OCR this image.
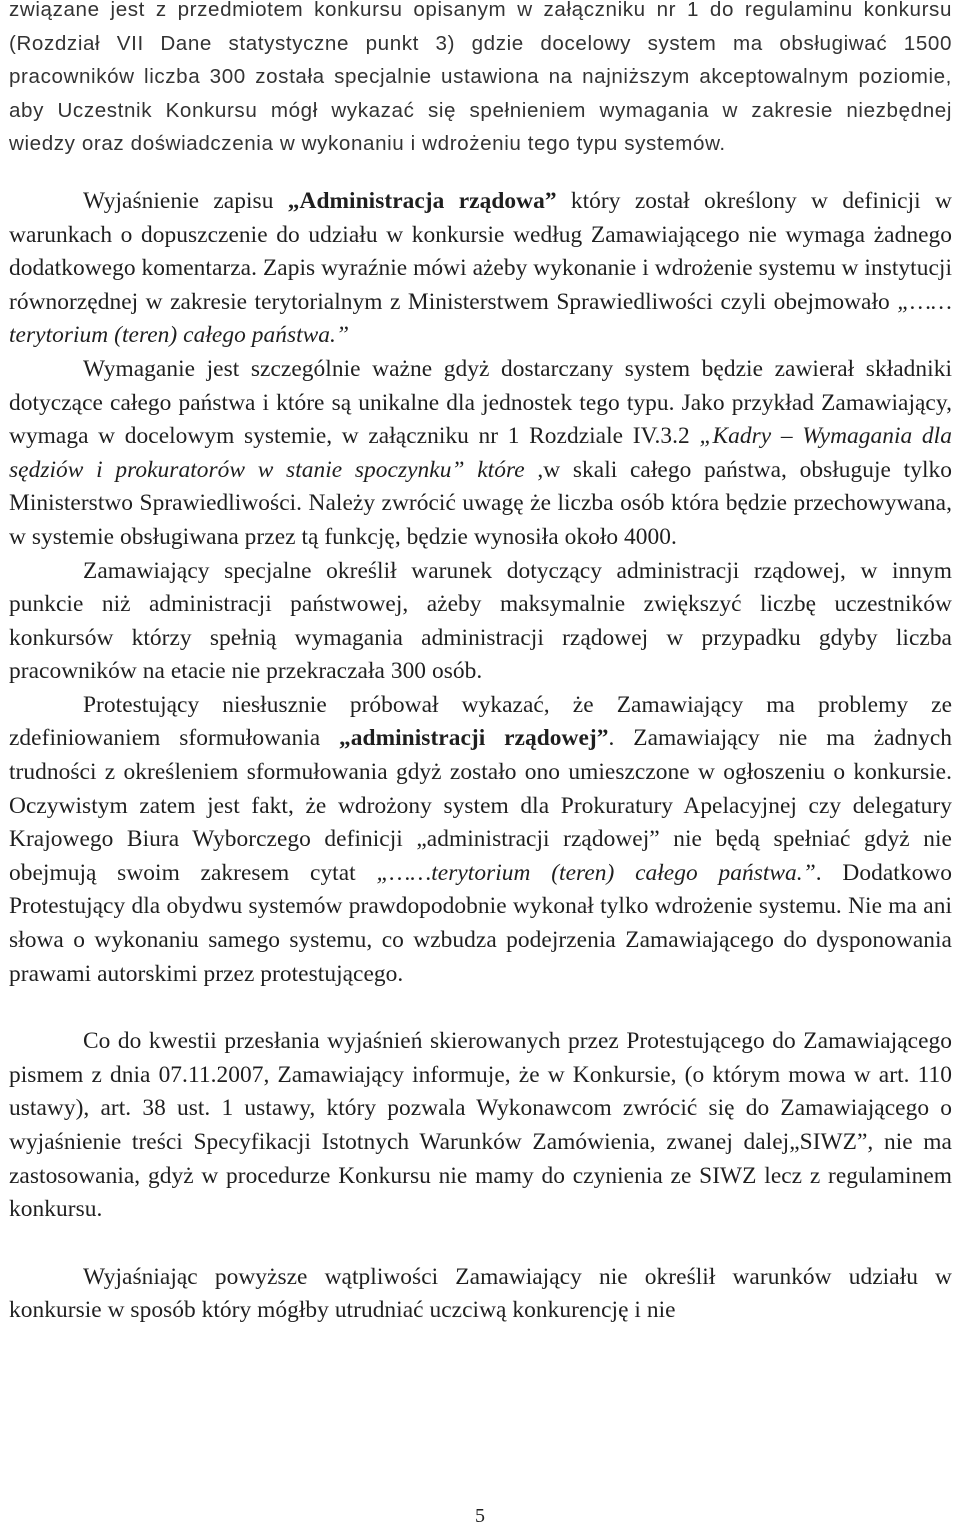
związane jest z przedmiotem konkursu opisanym w załączniku nr 1 do regulaminu konkursu (Rozdział VII Dane statystyczne punkt 3) gdzie docelowy system ma obsługiwać 1500 pracowników liczba 300 została specjalnie ustawiona na najniższym akceptowalnym poziomie, aby Uczestnik Konkursu mógł wykazać się spełnieniem wymagania w zakresie niezbędnej wiedzy oraz doświadczenia w wykonaniu i wdrożeniu tego typu systemów.

Wyjaśnienie zapisu „Administracja rządowa” który został określony w definicji w warunkach o dopuszczenie do udziału w konkursie według Zamawiającego nie wymaga żadnego dodatkowego komentarza. Zapis wyraźnie mówi ażeby wykonanie i wdrożenie systemu w instytucji równorzędnej w zakresie terytorialnym z Ministerstwem Sprawiedliwości czyli obejmowało „……terytorium (teren) całego państwa.”

Wymaganie jest szczególnie ważne gdyż dostarczany system będzie zawierał składniki dotyczące całego państwa i które są unikalne dla jednostek tego typu. Jako przykład Zamawiający, wymaga w docelowym systemie, w załączniku nr 1 Rozdziale IV.3.2 „Kadry – Wymagania dla sędziów i prokuratorów w stanie spoczynku” które ,w skali całego państwa, obsługuje tylko Ministerstwo Sprawiedliwości. Należy zwrócić uwagę że liczba osób która będzie przechowywana, w systemie obsługiwana przez tą funkcję, będzie wynosiła około 4000.

Zamawiający specjalne określił warunek dotyczący administracji rządowej, w innym punkcie niż administracji państwowej, ażeby maksymalnie zwiększyć liczbę uczestników konkursów którzy spełnią wymagania administracji rządowej w przypadku gdyby liczba pracowników na etacie nie przekraczała 300 osób.

Protestujący niesłusznie próbował wykazać, że Zamawiający ma problemy ze zdefiniowaniem sformułowania „administracji rządowej”. Zamawiający nie ma żadnych trudności z określeniem sformułowania gdyż zostało ono umieszczone w ogłoszeniu o konkursie. Oczywistym zatem jest fakt, że wdrożony system dla Prokuratury Apelacyjnej czy delegatury Krajowego Biura Wyborczego definicji „administracji rządowej” nie będą spełniać gdyż nie obejmują swoim zakresem cytat „……terytorium (teren) całego państwa.”. Dodatkowo Protestujący dla obydwu systemów prawdopodobnie wykonał tylko wdrożenie systemu. Nie ma ani słowa o wykonaniu samego systemu, co wzbudza podejrzenia Zamawiającego do dysponowania prawami autorskimi przez protestującego.

Co do kwestii przesłania wyjaśnień skierowanych przez Protestującego do Zamawiającego pismem z dnia 07.11.2007, Zamawiający informuje, że w Konkursie, (o którym mowa w art. 110 ustawy), art. 38 ust. 1 ustawy, który pozwala Wykonawcom zwrócić się do Zamawiającego o wyjaśnienie treści Specyfikacji Istotnych Warunków Zamówienia, zwanej dalej„SIWZ”, nie ma zastosowania, gdyż w procedurze Konkursu nie mamy do czynienia ze SIWZ lecz z regulaminem konkursu.

Wyjaśniając powyższe wątpliwości Zamawiający nie określił warunków udziału w konkursie w sposób który mógłby utrudniać uczciwą konkurencję i nie

5
